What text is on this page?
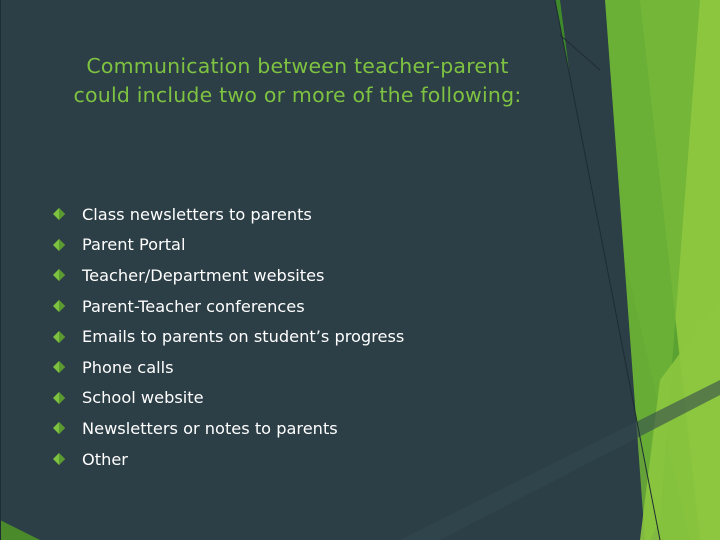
Communication between teacher-parent
could include two or more of the following:
Class newsletters to parents
Parent Portal
Teacher/Department websites
Parent-Teacher conferences
Emails to parents on student’s progress
Phone calls
School website
Newsletters or notes to parents
Other
